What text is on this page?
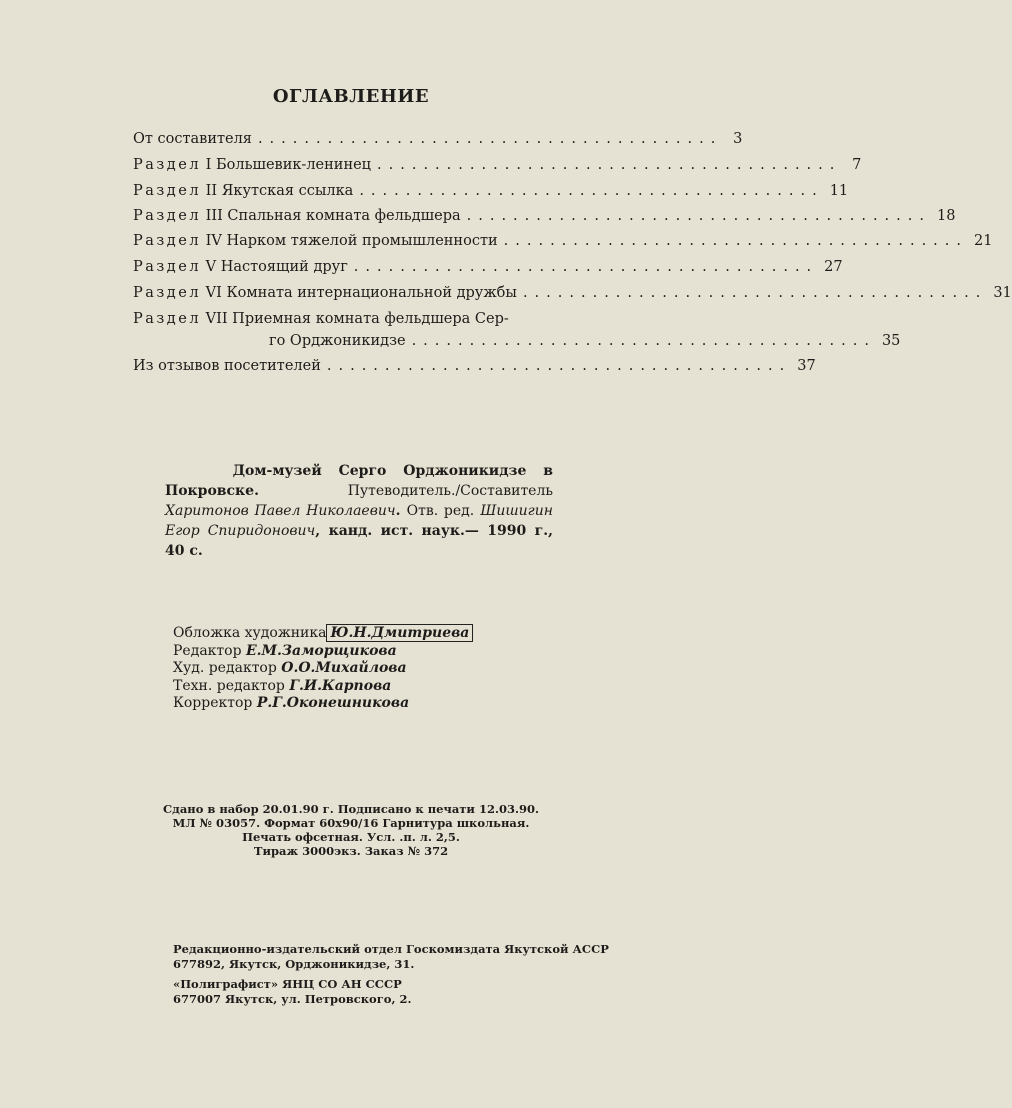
ОГЛАВЛЕНИЕ
От составителя ........................................ 3
Раздел I Большевик-ленинец ........................................ 7
Раздел II Якутская ссылка ........................................ 11
Раздел III Спальная комната фельдшера ........................................ 18
Раздел IV Нарком тяжелой промышленности ........................................ 21
Раздел V Настоящий друг ........................................ 27
Раздел VI Комната интернациональной дружбы ........................................ 31
Раздел VII Приемная комната фельдшера Сер-
го Орджоникидзе ........................................ 35
Из отзывов посетителей ........................................ 37
Дом-музей Серго Орджоникидзе в Покровске.	Путеводитель./Составитель Харитонов Павел Николаевич. Отв. ред. Шишигин Егор Спиридонович, канд. ист. наук.— 1990 г., 40 с.
Обложка художника Ю.Н.Дмитриева
Редактор Е.М.Заморщикова
Худ. редактор О.О.Михайлова
Техн. редактор Г.И.Карпова
Корректор Р.Г.Оконешникова
Сдано в набор 20.01.90 г. Подписано к печати 12.03.90.
МЛ № 03057. Формат 60x90/16 Гарнитура школьная.
Печать офсетная. Усл. .п. л. 2,5.
Тираж 3000экз. Заказ № 372
Редакционно-издательский отдел Госкомиздата Якутской АССР
677892, Якутск, Орджоникидзе, 31.
«Полиграфист» ЯНЦ СО АН СССР
677007 Якутск, ул. Петровского, 2.
